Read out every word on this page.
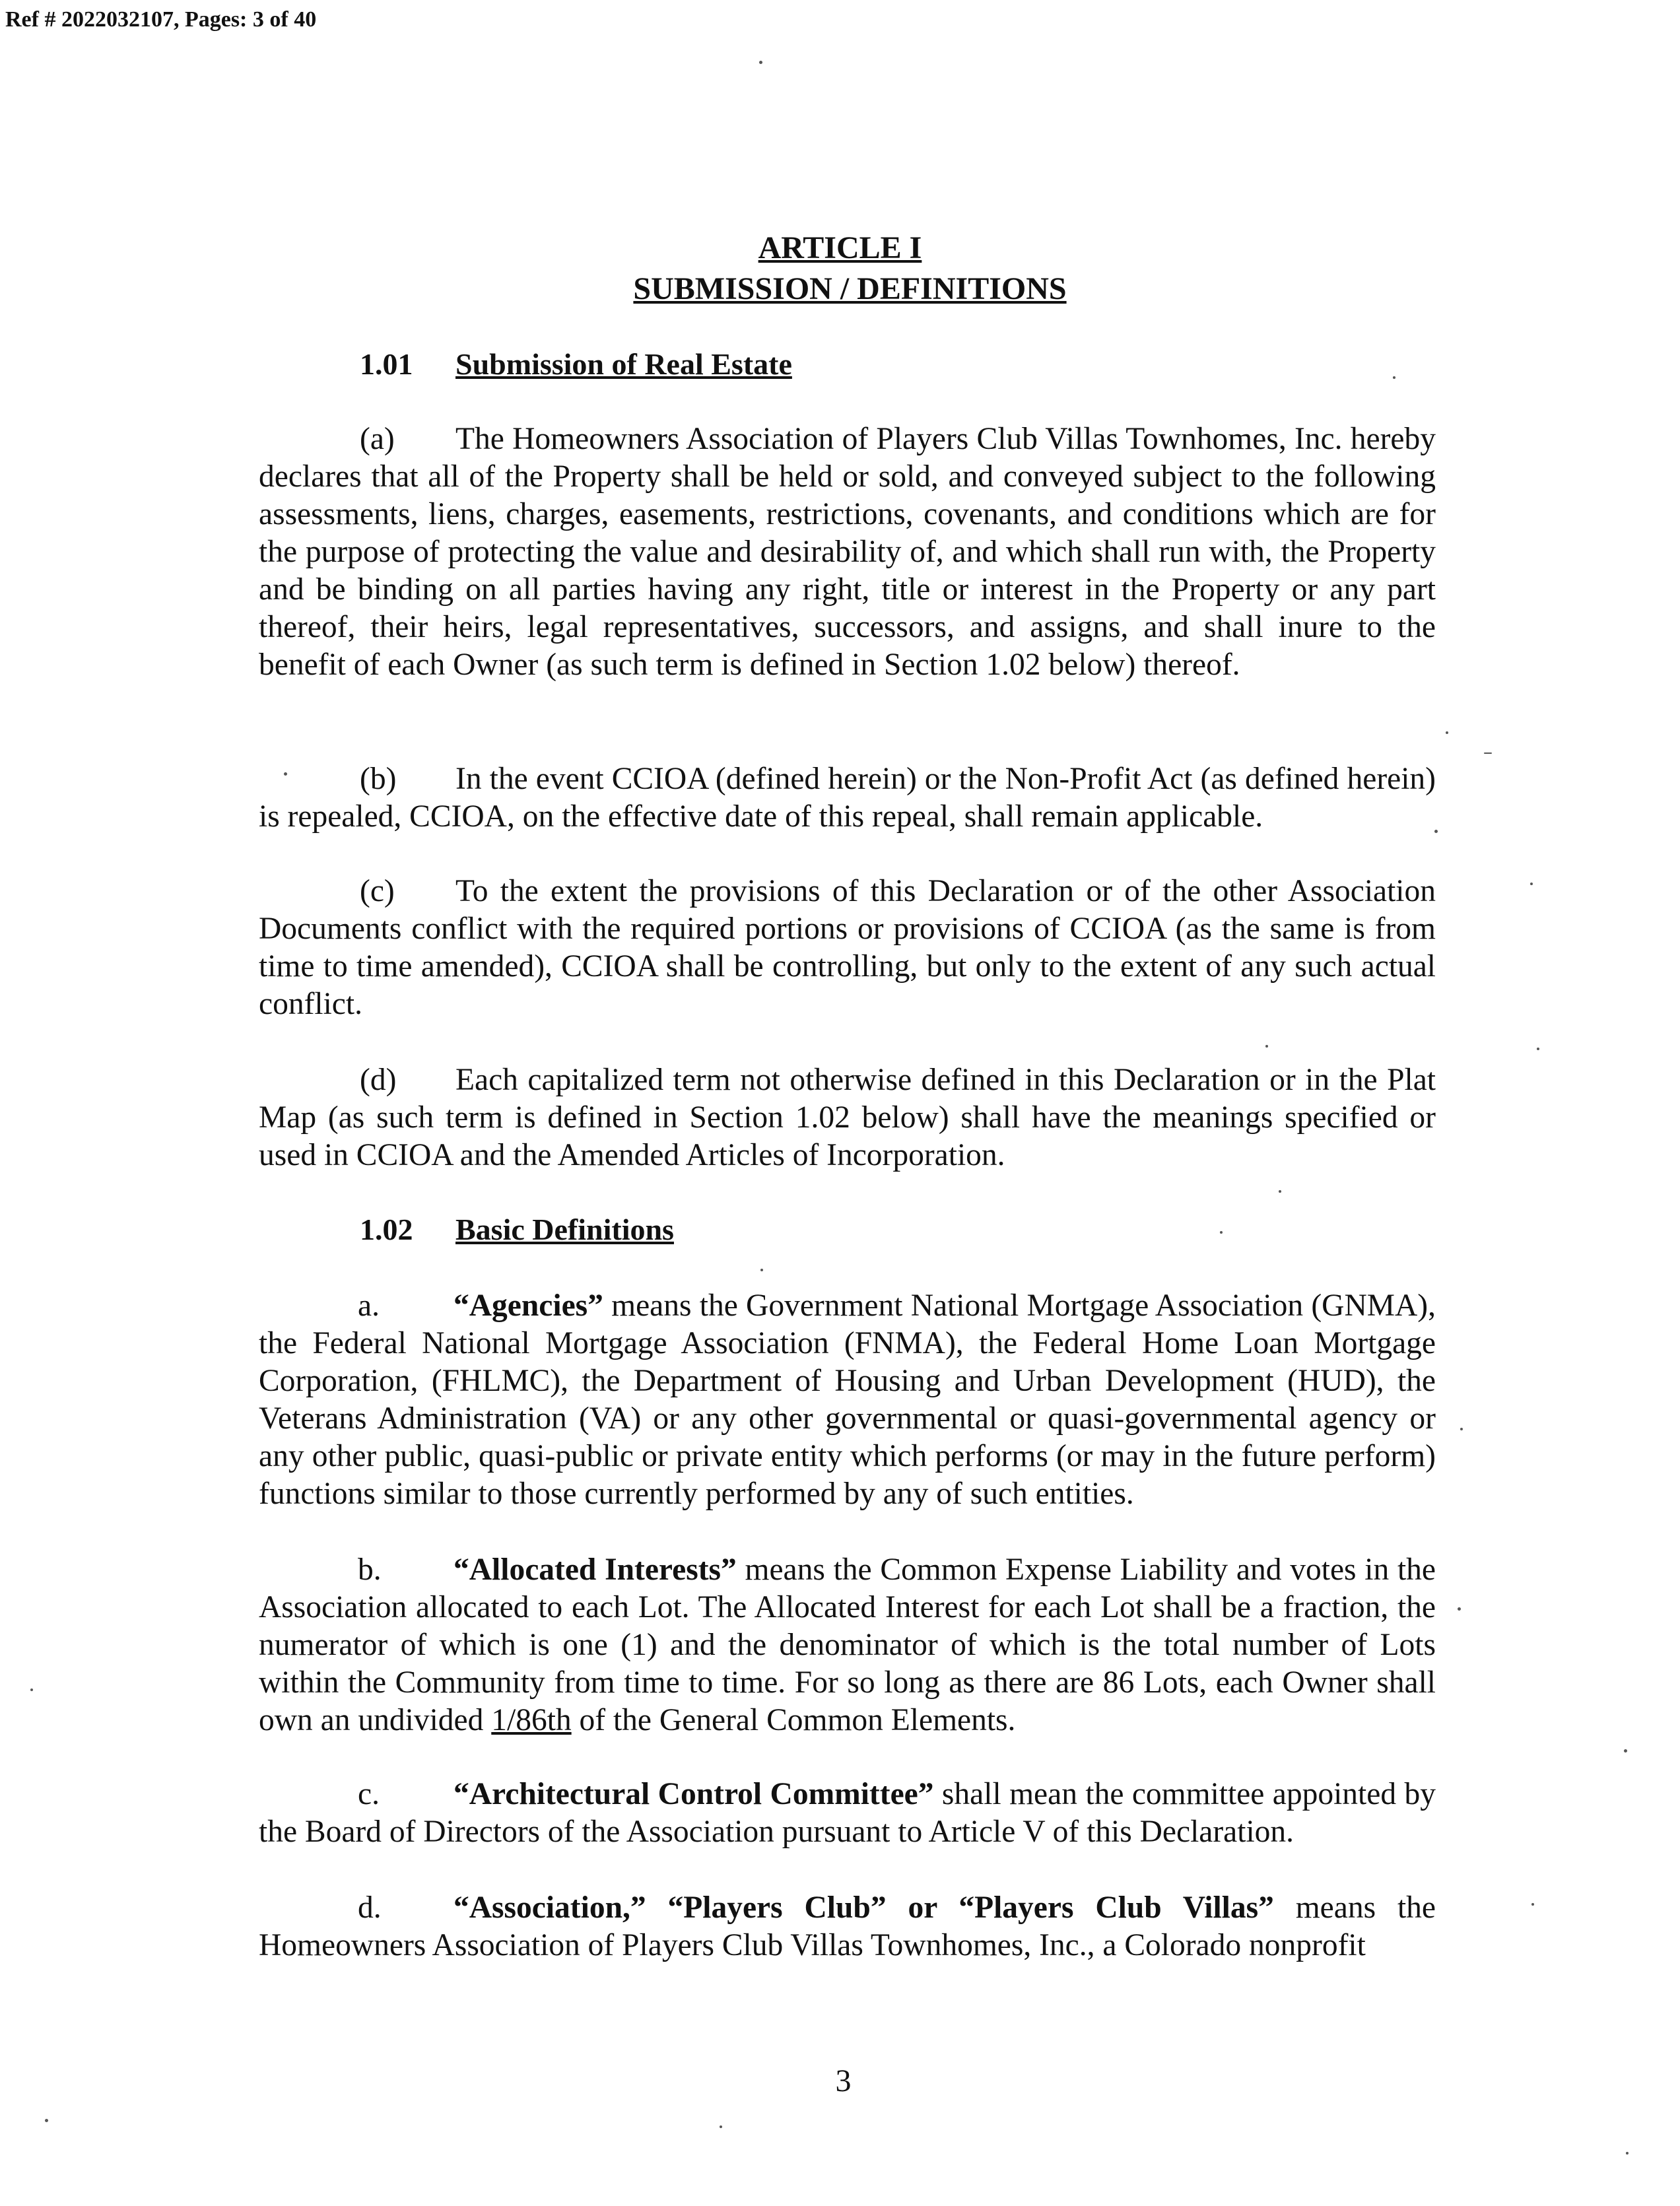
Ref # 2022032107, Pages: 3 of 40
ARTICLE I
SUBMISSION / DEFINITIONS
1.01 Submission of Real Estate

(a) The Homeowners Association of Players Club Villas Townhomes, Inc. hereby declares that all of the Property shall be held or sold, and conveyed subject to the following assessments, liens, charges, easements, restrictions, covenants, and conditions which are for the purpose of protecting the value and desirability of, and which shall run with, the Property and be binding on all parties having any right, title or interest in the Property or any part thereof, their heirs, legal representatives, successors, and assigns, and shall inure to the benefit of each Owner (as such term is defined in Section 1.02 below) thereof.

(b) In the event CCIOA (defined herein) or the Non-Profit Act (as defined herein) is repealed, CCIOA, on the effective date of this repeal, shall remain applicable.

(c) To the extent the provisions of this Declaration or of the other Association Documents conflict with the required portions or provisions of CCIOA (as the same is from time to time amended), CCIOA shall be controlling, but only to the extent of any such actual conflict.

(d) Each capitalized term not otherwise defined in this Declaration or in the Plat Map (as such term is defined in Section 1.02 below) shall have the meanings specified or used in CCIOA and the Amended Articles of Incorporation.

1.02 Basic Definitions

a. “Agencies” means the Government National Mortgage Association (GNMA), the Federal National Mortgage Association (FNMA), the Federal Home Loan Mortgage Corporation, (FHLMC), the Department of Housing and Urban Development (HUD), the Veterans Administration (VA) or any other governmental or quasi-governmental agency or any other public, quasi-public or private entity which performs (or may in the future perform) functions similar to those currently performed by any of such entities.

b. “Allocated Interests” means the Common Expense Liability and votes in the Association allocated to each Lot. The Allocated Interest for each Lot shall be a fraction, the numerator of which is one (1) and the denominator of which is the total number of Lots within the Community from time to time. For so long as there are 86 Lots, each Owner shall own an undivided 1/86th of the General Common Elements.

c. “Architectural Control Committee” shall mean the committee appointed by the Board of Directors of the Association pursuant to Article V of this Declaration.

d. “Association,” “Players Club” or “Players Club Villas” means the Homeowners Association of Players Club Villas Townhomes, Inc., a Colorado nonprofit

3
